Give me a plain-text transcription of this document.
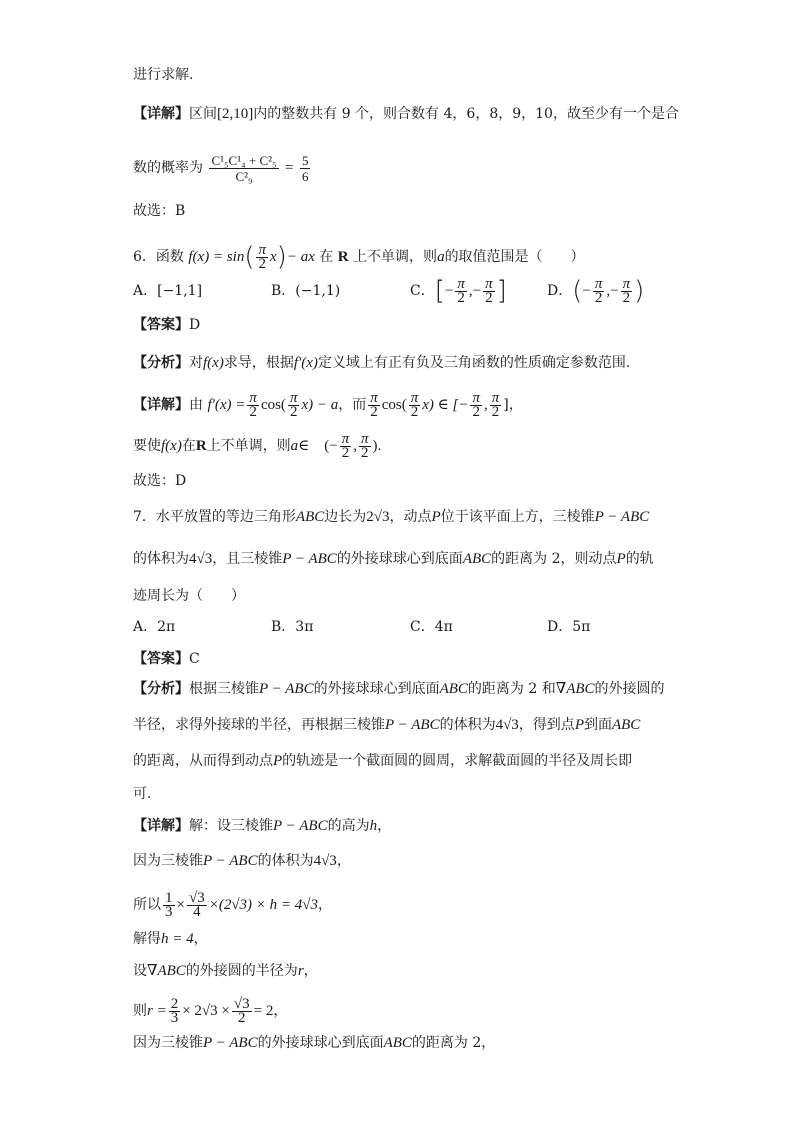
进行求解.
【详解】区间[2,10]内的整数共有 9 个，则合数有 4，6，8，9，10，故至少有一个是合
数的概率为 $\frac{\text{C¹₅C¹₄ + C²₅}}{\text{C²₉}} = \frac{5}{6}$
故选：B
6．函数 $f(x) = \sin( \frac{\pi}{2} x)-$ ax 在 R 上不单调，则a的取值范围是（　　）
A．[−1,1]	B．(−1,1)	C．[− $\frac{\pi}{2}$ ,− $\frac{\pi}{2}$ ]	D．(− $\frac{\pi}{2}$ ,− $\frac{\pi}{2}$ )
【答案】D
【分析】对f(x)求导，根据f′(x)定义域上有正有负及三角函数的性质确定参数范围.
【详解】由 $f'(x) = \frac{\pi}{2} \cos( \frac{\pi}{2} x) - a$，而 $\frac{\pi}{2} \cos( \frac{\pi}{2} x)$ ∈ [− $\frac{\pi}{2}$ , $\frac{\pi}{2}$ ]，
要使f(x)在R上不单调，则a∈　(− $\frac{\pi}{2}$ , $\frac{\pi}{2}$ ).
故选：D
7．水平放置的等边三角形ABC边长为2√3，动点P位于该平面上方，三棱锥P − ABC
的体积为4√3，且三棱锥P − ABC的外接球球心到底面ABC的距离为 2，则动点P的轨
迹周长为（　　）
A．2π	B．3π	C．4π	D．5π
【答案】C
【分析】根据三棱锥P − ABC的外接球球心到底面ABC的距离为 2 和∇ABC的外接圆的
半径，求得外接球的半径，再根据三棱锥P − ABC的体积为4√3，得到点P到面ABC
的距离，从而得到动点P的轨迹是一个截面圆的圆周，求解截面圆的半径及周长即
可.
【详解】解：设三棱锥P − ABC的高为h，
因为三棱锥P − ABC的体积为4√3，
所以 $\frac{1}{3} \times \frac{√3}{4} \times(2√3) \times h = 4√3$，
解得h = 4，
设∇ABC的外接圆的半径为r，
则$r = \frac{2}{3} \times 2√3 \times \frac{√3}{2} = 2$，
因为三棱锥P − ABC的外接球球心到底面ABC的距离为 2，
